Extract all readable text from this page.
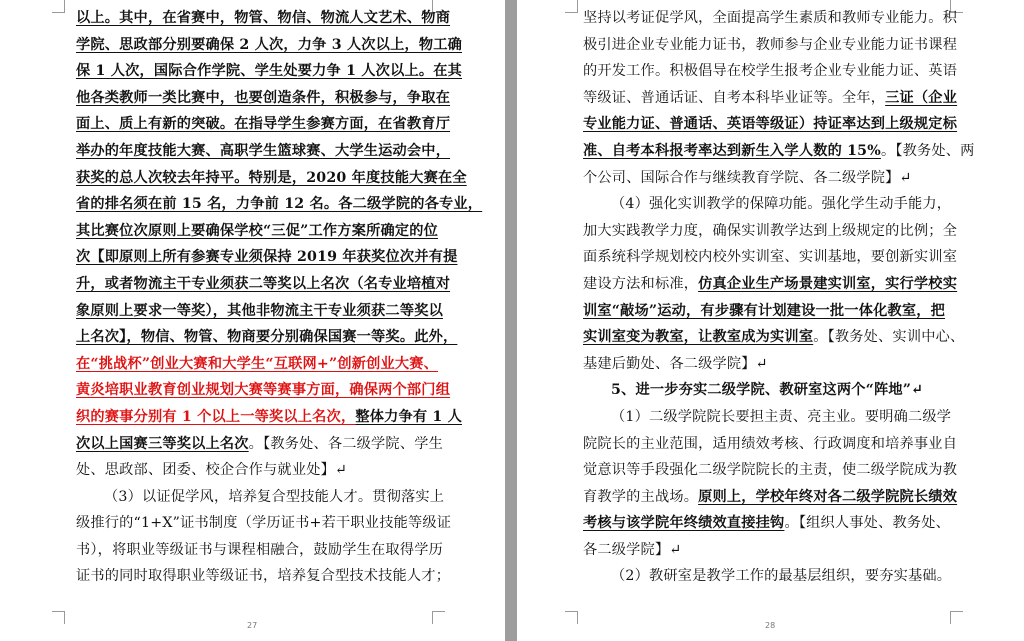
27	28
以上。其中，在省赛中，物管、物信、物流人文艺术、物商
学院、思政部分别要确保 2 人次，力争 3 人次以上，物工确
保 1 人次，国际合作学院、学生处要力争 1 人次以上。在其
他各类教师一类比赛中，也要创造条件，积极参与，争取在
面上、质上有新的突破。在指导学生参赛方面，在省教育厅
举办的年度技能大赛、高职学生篮球赛、大学生运动会中，
获奖的总人次较去年持平。特别是，2020 年度技能大赛在全
省的排名须在前 15 名，力争前 12 名。各二级学院的各专业，
其比赛位次原则上要确保学校“三促”工作方案所确定的位
次【即原则上所有参赛专业须保持 2019 年获奖位次并有提
升，或者物流主干专业须获二等奖以上名次（名专业培植对
象原则上要求一等奖），其他非物流主干专业须获二等奖以
上名次】，物信、物管、物商要分别确保国赛一等奖。此外，
在“挑战杯”创业大赛和大学生“互联网+”创新创业大赛、
黄炎培职业教育创业规划大赛等赛事方面，确保两个部门组
织的赛事分别有 1 个以上一等奖以上名次，整体力争有 1 人
次以上国赛三等奖以上名次。【教务处、各二级学院、学生
处、思政部、团委、校企合作与就业处】↵
（3）以证促学风，培养复合型技能人才。贯彻落实上
级推行的“1+X”证书制度（学历证书+若干职业技能等级证
书），将职业等级证书与课程相融合，鼓励学生在取得学历
证书的同时取得职业等级证书，培养复合型技术技能人才；
坚持以考证促学风，全面提高学生素质和教师专业能力。积
极引进企业专业能力证书，教师参与企业专业能力证书课程
的开发工作。积极倡导在校学生报考企业专业能力证、英语
等级证、普通话证、自考本科毕业证等。全年，三证（企业
专业能力证、普通话、英语等级证）持证率达到上级规定标
准、自考本科报考率达到新生入学人数的 15%。【教务处、两
个公司、国际合作与继续教育学院、各二级学院】↵
（4）强化实训教学的保障功能。强化学生动手能力，
加大实践教学力度，确保实训教学达到上级规定的比例；全
面系统科学规划校内校外实训室、实训基地，要创新实训室
建设方法和标准，仿真企业生产场景建实训室，实行学校实
训室“敲场”运动，有步骤有计划建设一批一体化教室，把
实训室变为教室，让教室成为实训室。【教务处、实训中心、
基建后勤处、各二级学院】↵
5、进一步夯实二级学院、教研室这两个“阵地”↵
（1）二级学院院长要担主责、亮主业。要明确二级学
院院长的主业范围，适用绩效考核、行政调度和培养事业自
觉意识等手段强化二级学院院长的主责，使二级学院成为教
育教学的主战场。原则上，学校年终对各二级学院院长绩效
考核与该学院年终绩效直接挂钩。【组织人事处、教务处、
各二级学院】↵
（2）教研室是教学工作的最基层组织，要夯实基础。
